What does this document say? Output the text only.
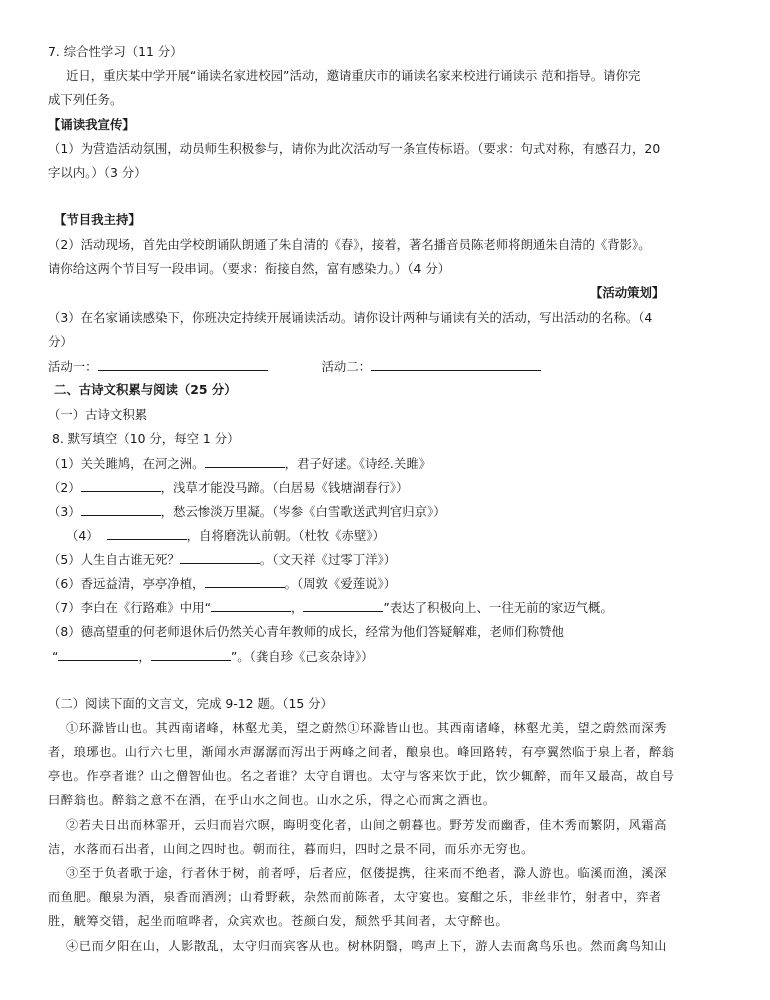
7. 综合性学习（11 分）
近日，重庆某中学开展“诵读名家进校园”活动，邀请重庆市的诵读名家来校进行诵读示 范和指导。请你完
成下列任务。
【诵读我宣传】
（1）为营造活动氛围，动员师生积极参与，请你为此次活动写一条宣传标语。（要求：句式对称，有感召力，20
字以内。）（3 分）
【节目我主持】
（2）活动现场，首先由学校朗诵队朗通了朱自清的《春》，接着，著名播音员陈老师将朗通朱自清的《背影》。
请你给这两个节目写一段串词。（要求：衔接自然，富有感染力。）（4 分）
【活动策划】
（3）在名家诵读感染下，你班决定持续开展诵读活动。请你设计两种与诵读有关的活动，写出活动的名称。（4
分）
活动一：	活动二：
二、古诗文积累与阅读（25 分）
（一）古诗文积累
8. 默写填空（10 分，每空 1 分）
（1）关关雎鸠，在河之洲。	，君子好逑。《诗经.关雎》
（2）	，浅草才能没马蹄。（白居易《钱塘湖春行》）
（3）	，愁云惨淡万里凝。（岑参《白雪歌送武判官归京》）
（4）	，自将磨洗认前朝。（杜牧《赤壁》）
（5）人生自古谁无死？	。（文天祥《过零丁洋》）
（6）香远益清，亭亭净植，	。（周敦《爱莲说》）
（7）李白在《行路难》中用“	，	”表达了积极向上、一往无前的家迈气概。
（8）德高望重的何老师退休后仍然关心青年教师的成长，经常为他们答疑解难，老师们称赞他
“	，	”。（龚自珍《己亥杂诗》）
（二）阅读下面的文言文，完成 9-12 题。（15 分）
①环滁皆山也。其西南诸峰，林壑尤美，望之蔚然①环滁皆山也。其西南诸峰，林壑尤美，望之蔚然而深秀
者，琅琊也。山行六七里，渐闻水声潺潺而泻出于两峰之间者，酿泉也。峰回路转，有亭翼然临于泉上者，醉翁
亭也。作亭者谁？山之僧智仙也。名之者谁？太守自谓也。太守与客来饮于此，饮少辄醉，而年又最高，故自号
曰醉翁也。醉翁之意不在酒，在乎山水之间也。山水之乐，得之心而寓之酒也。
②若夫日出而林霏开，云归而岩穴暝，晦明变化者，山间之朝暮也。野芳发而幽香，佳木秀而繁阴，风霜高
洁，水落而石出者，山间之四时也。朝而往，暮而归，四时之景不同，而乐亦无穷也。
③至于负者歌于途，行者休于树，前者呼，后者应，伛偻提携，往来而不绝者，滁人游也。临溪而渔，溪深
而鱼肥。酿泉为酒，泉香而酒洌；山肴野蔌，杂然而前陈者，太守宴也。宴酣之乐，非丝非竹，射者中，弈者
胜，觥筹交错，起坐而喧哗者，众宾欢也。苍颜白发，颓然乎其间者，太守醉也。
④已而夕阳在山，人影散乱，太守归而宾客从也。树林阴翳，鸣声上下，游人去而禽鸟乐也。然而禽鸟知山
